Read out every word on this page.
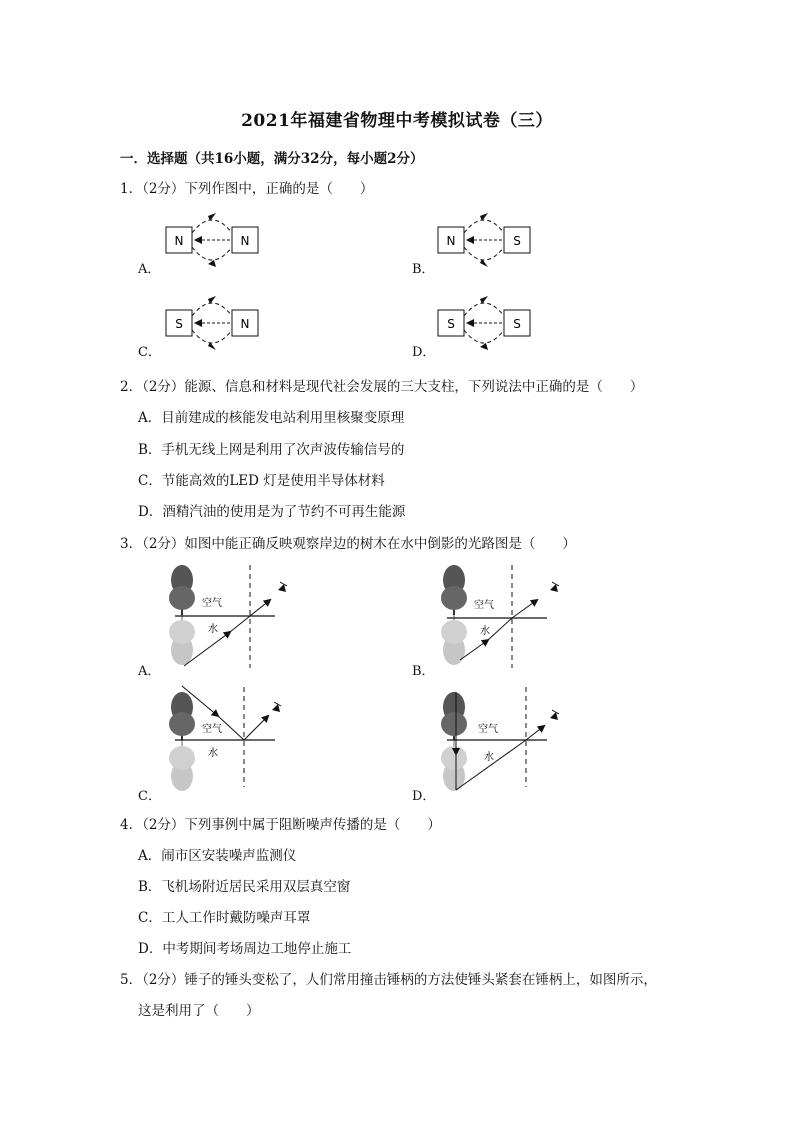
2021年福建省物理中考模拟试卷（三）
一．选择题（共16小题，满分32分，每小题2分）
1．（2分）下列作图中，正确的是（　　）
A．
N	N
B．
N	S
C．
S	N
D．
S	S
2．（2分）能源、信息和材料是现代社会发展的三大支柱，下列说法中正确的是（　　）
A．目前建成的核能发电站利用里核聚变原理
B．手机无线上网是利用了次声波传输信号的
C．节能高效的LED 灯是使用半导体材料
D．酒精汽油的使用是为了节约不可再生能源
3．（2分）如图中能正确反映观察岸边的树木在水中倒影的光路图是（　　）
A．
空气
水
B．
空气
水
C．
空气
水
D．
空气
水
4．（2分）下列事例中属于阻断噪声传播的是（　　）
A．闹市区安装噪声监测仪
B．飞机场附近居民采用双层真空窗
C．工人工作时戴防噪声耳罩
D．中考期间考场周边工地停止施工
5．（2分）锤子的锤头变松了，人们常用撞击锤柄的方法使锤头紧套在锤柄上，如图所示，
这是利用了（　　）
